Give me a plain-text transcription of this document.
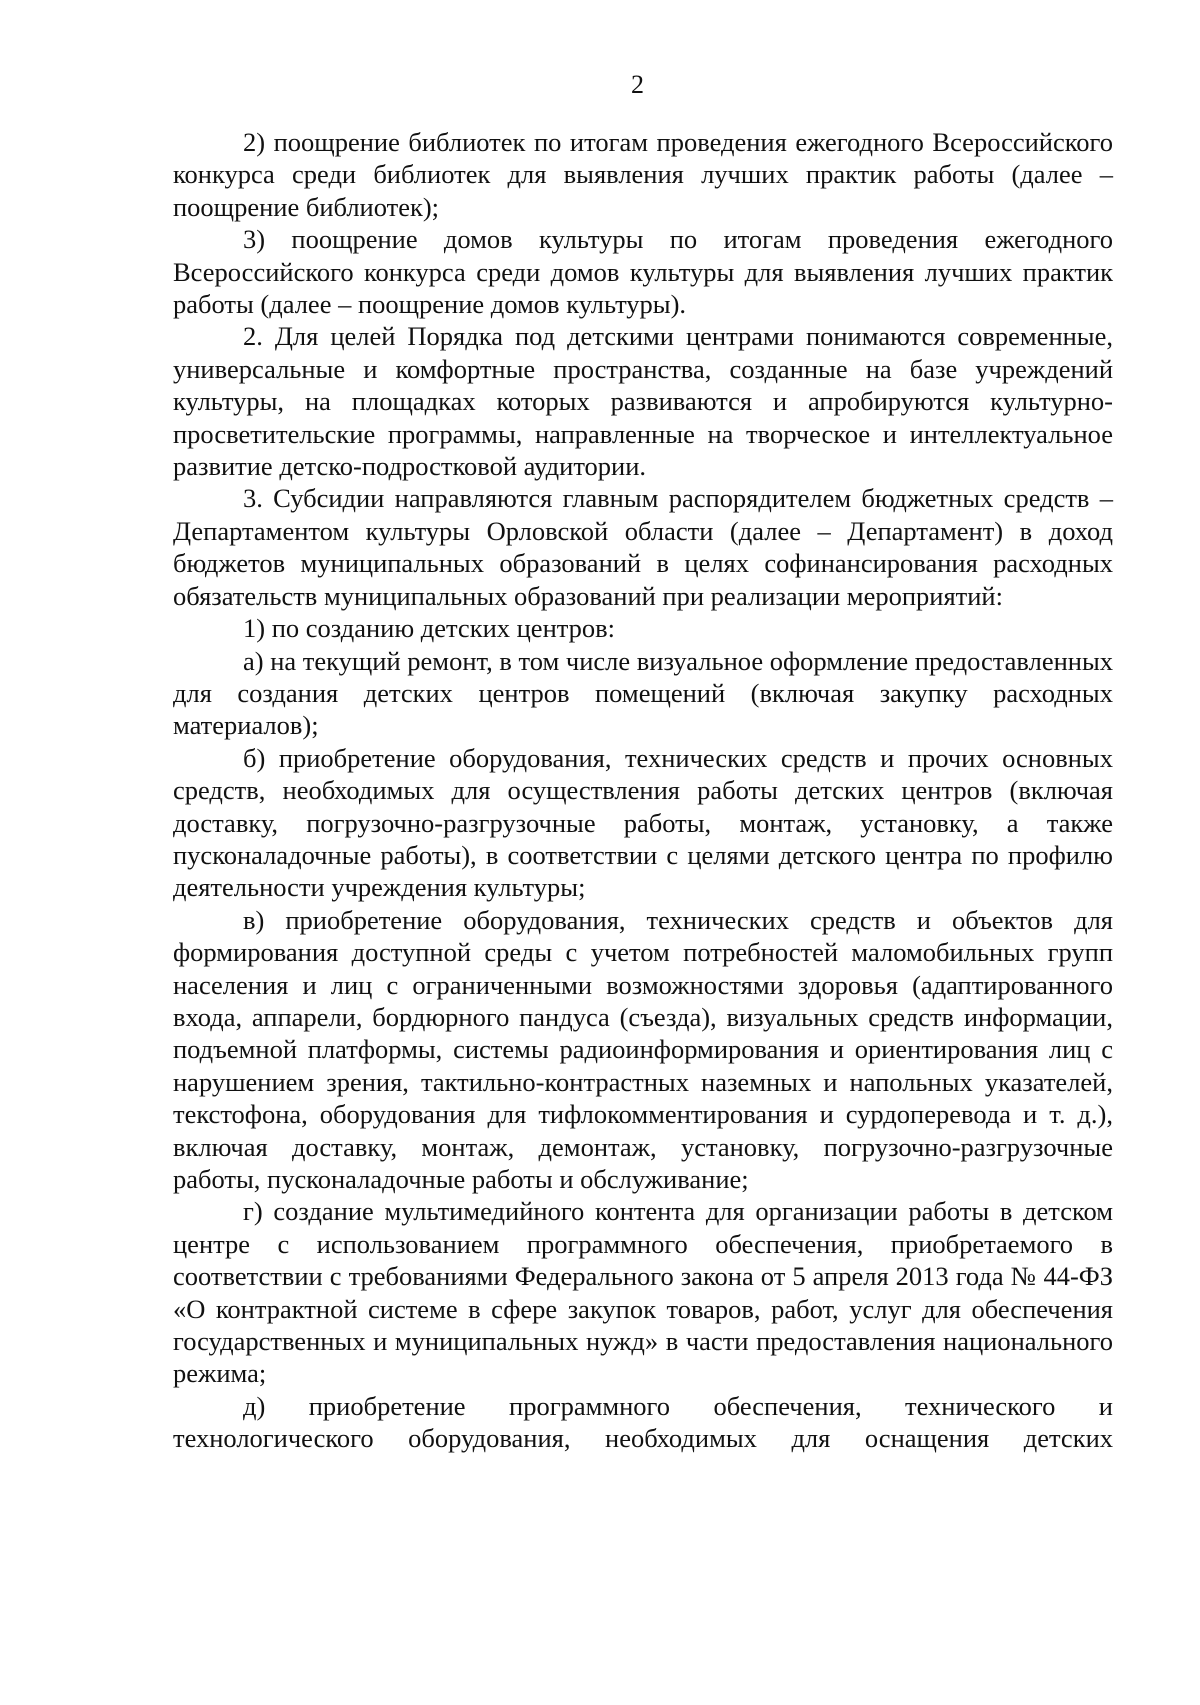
2

2) поощрение библиотек по итогам проведения ежегодного Всероссийского конкурса среди библиотек для выявления лучших практик работы (далее – поощрение библиотек);

3) поощрение домов культуры по итогам проведения ежегодного Всероссийского конкурса среди домов культуры для выявления лучших практик работы (далее – поощрение домов культуры).

2. Для целей Порядка под детскими центрами понимаются современные, универсальные и комфортные пространства, созданные на базе учреждений культуры, на площадках которых развиваются и апробируются культурно-просветительские программы, направленные на творческое и интеллектуальное развитие детско-подростковой аудитории.

3. Субсидии направляются главным распорядителем бюджетных средств – Департаментом культуры Орловской области (далее – Департамент) в доход бюджетов муниципальных образований в целях софинансирования расходных обязательств муниципальных образований при реализации мероприятий:

1) по созданию детских центров:

а) на текущий ремонт, в том числе визуальное оформление предоставленных для создания детских центров помещений (включая закупку расходных материалов);

б) приобретение оборудования, технических средств и прочих основных средств, необходимых для осуществления работы детских центров (включая доставку, погрузочно-разгрузочные работы, монтаж, установку, а также пусконаладочные работы), в соответствии с целями детского центра по профилю деятельности учреждения культуры;

в) приобретение оборудования, технических средств и объектов для формирования доступной среды с учетом потребностей маломобильных групп населения и лиц с ограниченными возможностями здоровья (адаптированного входа, аппарели, бордюрного пандуса (съезда), визуальных средств информации, подъемной платформы, системы радиоинформирования и ориентирования лиц с нарушением зрения, тактильно-контрастных наземных и напольных указателей, текстофона, оборудования для тифлокомментирования и сурдоперевода и т. д.), включая доставку, монтаж, демонтаж, установку, погрузочно-разгрузочные работы, пусконаладочные работы и обслуживание;

г) создание мультимедийного контента для организации работы в детском центре с использованием программного обеспечения, приобретаемого в соответствии с требованиями Федерального закона от 5 апреля 2013 года № 44-ФЗ «О контрактной системе в сфере закупок товаров, работ, услуг для обеспечения государственных и муниципальных нужд» в части предоставления национального режима;

д) приобретение программного обеспечения, технического и технологического оборудования, необходимых для оснащения детских
